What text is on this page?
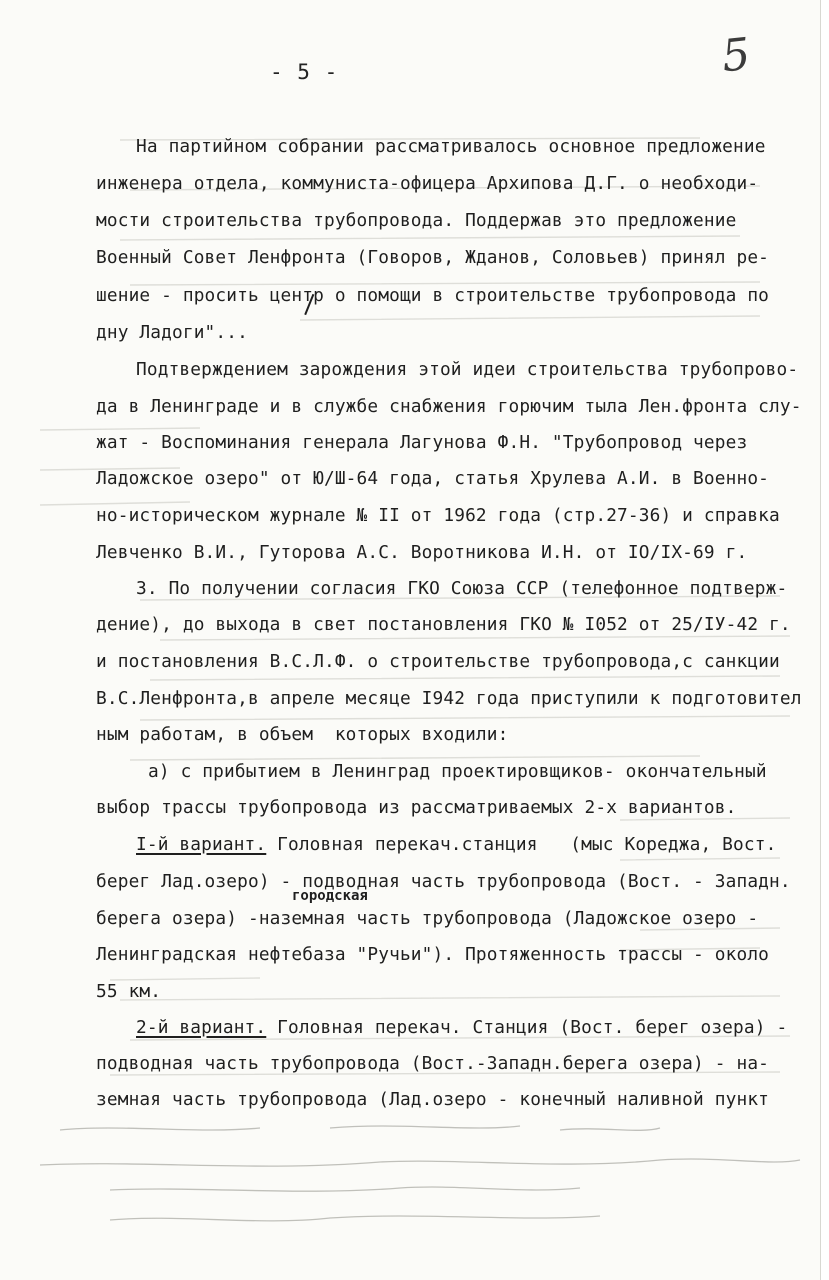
- 5 -	5

На партийном собрании рассматривалось основное предложение

инженера отдела, коммуниста-офицера Архипова Д.Г. о необходи-

мости строительства трубопровода. Поддержав это предложение

Военный Совет Ленфронта (Говоров, Жданов, Соловьев) принял ре-

шение - просить центр о помощи в строительстве трубопровода по

дну Ладоги"...

Подтверждением зарождения этой идеи строительства трубопрово-

да в Ленинграде и в службе снабжения горючим тыла Лен.фронта слу-

жат - Воспоминания генерала Лагунова Ф.Н. "Трубопровод через

Ладожское озеро" от Ю/Ш-64 года, статья Хрулева А.И. в Военно-

но-историческом журнале № II от 1962 года (стр.27-36) и справка

Левченко В.И., Гуторова А.С. Воротникова И.Н. от IO/IX-69 г.

3. По получении согласия ГКО Союза ССР (телефонное подтверж-

дение), до выхода в свет постановления ГКО № I052 от 25/IУ-42 г.

и постановления В.С.Л.Ф. о строительстве трубопровода,с санкции

В.С.Ленфронта,в апреле месяце I942 года приступили к подготовител

ным работам, в объем  которых входили:

а) с прибытием в Ленинград проектировщиков- окончательный

выбор трассы трубопровода из рассматриваемых 2-х вариантов.

I-й вариант. Головная перекач.станция   (мыс Кореджа, Вост.

берег Лад.озеро) - подводная часть трубопровода (Вост. - Западн.

берега озера) -наземная часть трубопровода (Ладожское озеро -

городская

Ленинградская нефтебаза "Ручьи"). Протяженность трассы - около

55 км.

2-й вариант. Головная перекач. Станция (Вост. берег озера) -

подводная часть трубопровода (Вост.-Западн.берега озера) - на-

земная часть трубопровода (Лад.озеро - конечный наливной пункт
